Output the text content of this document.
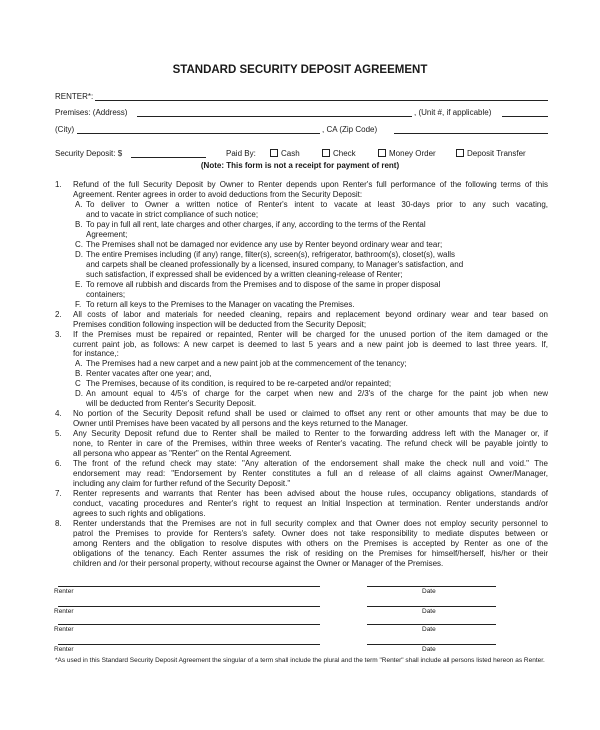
STANDARD SECURITY DEPOSIT AGREEMENT
RENTER*:
Premises: (Address)	, (Unit #, if applicable)
(City)	, CA (Zip Code)
Security Deposit: $	Paid By:	Cash	Check	Money Order	Deposit Transfer
(Note: This form is not a receipt for payment of rent)
1. Refund of the full Security Deposit by Owner to Renter depends upon Renter's full performance of the following terms of this
Agreement. Renter agrees in order to avoid deductions from the Security Deposit:
A. To deliver to Owner a written notice of Renter's intent to vacate at least 30-days prior to any such vacating,
and to vacate in strict compliance of such notice;
B. To pay in full all rent, late charges and other charges, if any, according to the terms of the Rental
Agreement;
C. The Premises shall not be damaged nor evidence any use by Renter beyond ordinary wear and tear;
D. The entire Premises including (if any) range, filter(s), screen(s), refrigerator, bathroom(s), closet(s), walls
and carpets shall be cleaned professionally by a licensed, insured company, to Manager's satisfaction, and
such satisfaction, if expressed shall be evidenced by a written cleaning-release of Renter;
E. To remove all rubbish and discards from the Premises and to dispose of the same in proper disposal
containers;
F. To return all keys to the Premises to the Manager on vacating the Premises.
2. All costs of labor and materials for needed cleaning, repairs and replacement beyond ordinary wear and tear based on
Premises condition following inspection will be deducted from the Security Deposit;
3. If the Premises must be repaired or repainted, Renter will be charged for the unused portion of the item damaged or the
current paint job, as follows: A new carpet is deemed to last 5 years and a new paint job is deemed to last three years. If,
for instance,:
A. The Premises had a new carpet and a new paint job at the commencement of the tenancy;
B. Renter vacates after one year; and,
C The Premises, because of its condition, is required to be re-carpeted and/or repainted;
D. An amount equal to 4/5's of charge for the carpet when new and 2/3's of the charge for the paint job when new
will be deducted from Renter's Security Deposit.
4. No portion of the Security Deposit refund shall be used or claimed to offset any rent or other amounts that may be due to
Owner until Premises have been vacated by all persons and the keys returned to the Manager.
5. Any Security Deposit refund due to Renter shall be mailed to Renter to the forwarding address left with the Manager or, if
none, to Renter in care of the Premises, within three weeks of Renter's vacating. The refund check will be payable jointly to
all persona who appear as "Renter" on the Rental Agreement.
6. The front of the refund check may state: "Any alteration of the endorsement shall make the check null and void." The
endorsement may read: "Endorsement by Renter constitutes a full an d release of all claims against Owner/Manager,
including any claim for further refund of the Security Deposit."
7. Renter represents and warrants that Renter has been advised about the house rules, occupancy obligations, standards of
conduct, vacating procedures and Renter's right to request an Initial Inspection at termination. Renter understands and/or
agrees to such rights and obligations.
8. Renter understands that the Premises are not in full security complex and that Owner does not employ security personnel to
patrol the Premises to provide for Renters's safety. Owner does not take responsibility to mediate disputes between or
among Renters and the obligation to resolve disputes with others on the Premises is accepted by Renter as one of the
obligations of the tenancy. Each Renter assumes the risk of residing on the Premises for himself/herself, his/her or their
children and /or their personal property, without recourse against the Owner or Manager of the Premises.
Renter	Date
Renter	Date
Renter	Date
Renter	Date
*As used in this Standard Security Deposit Agreement the singular of a term shall include the plural and the term "Renter" shall include all persons listed hereon as Renter.
